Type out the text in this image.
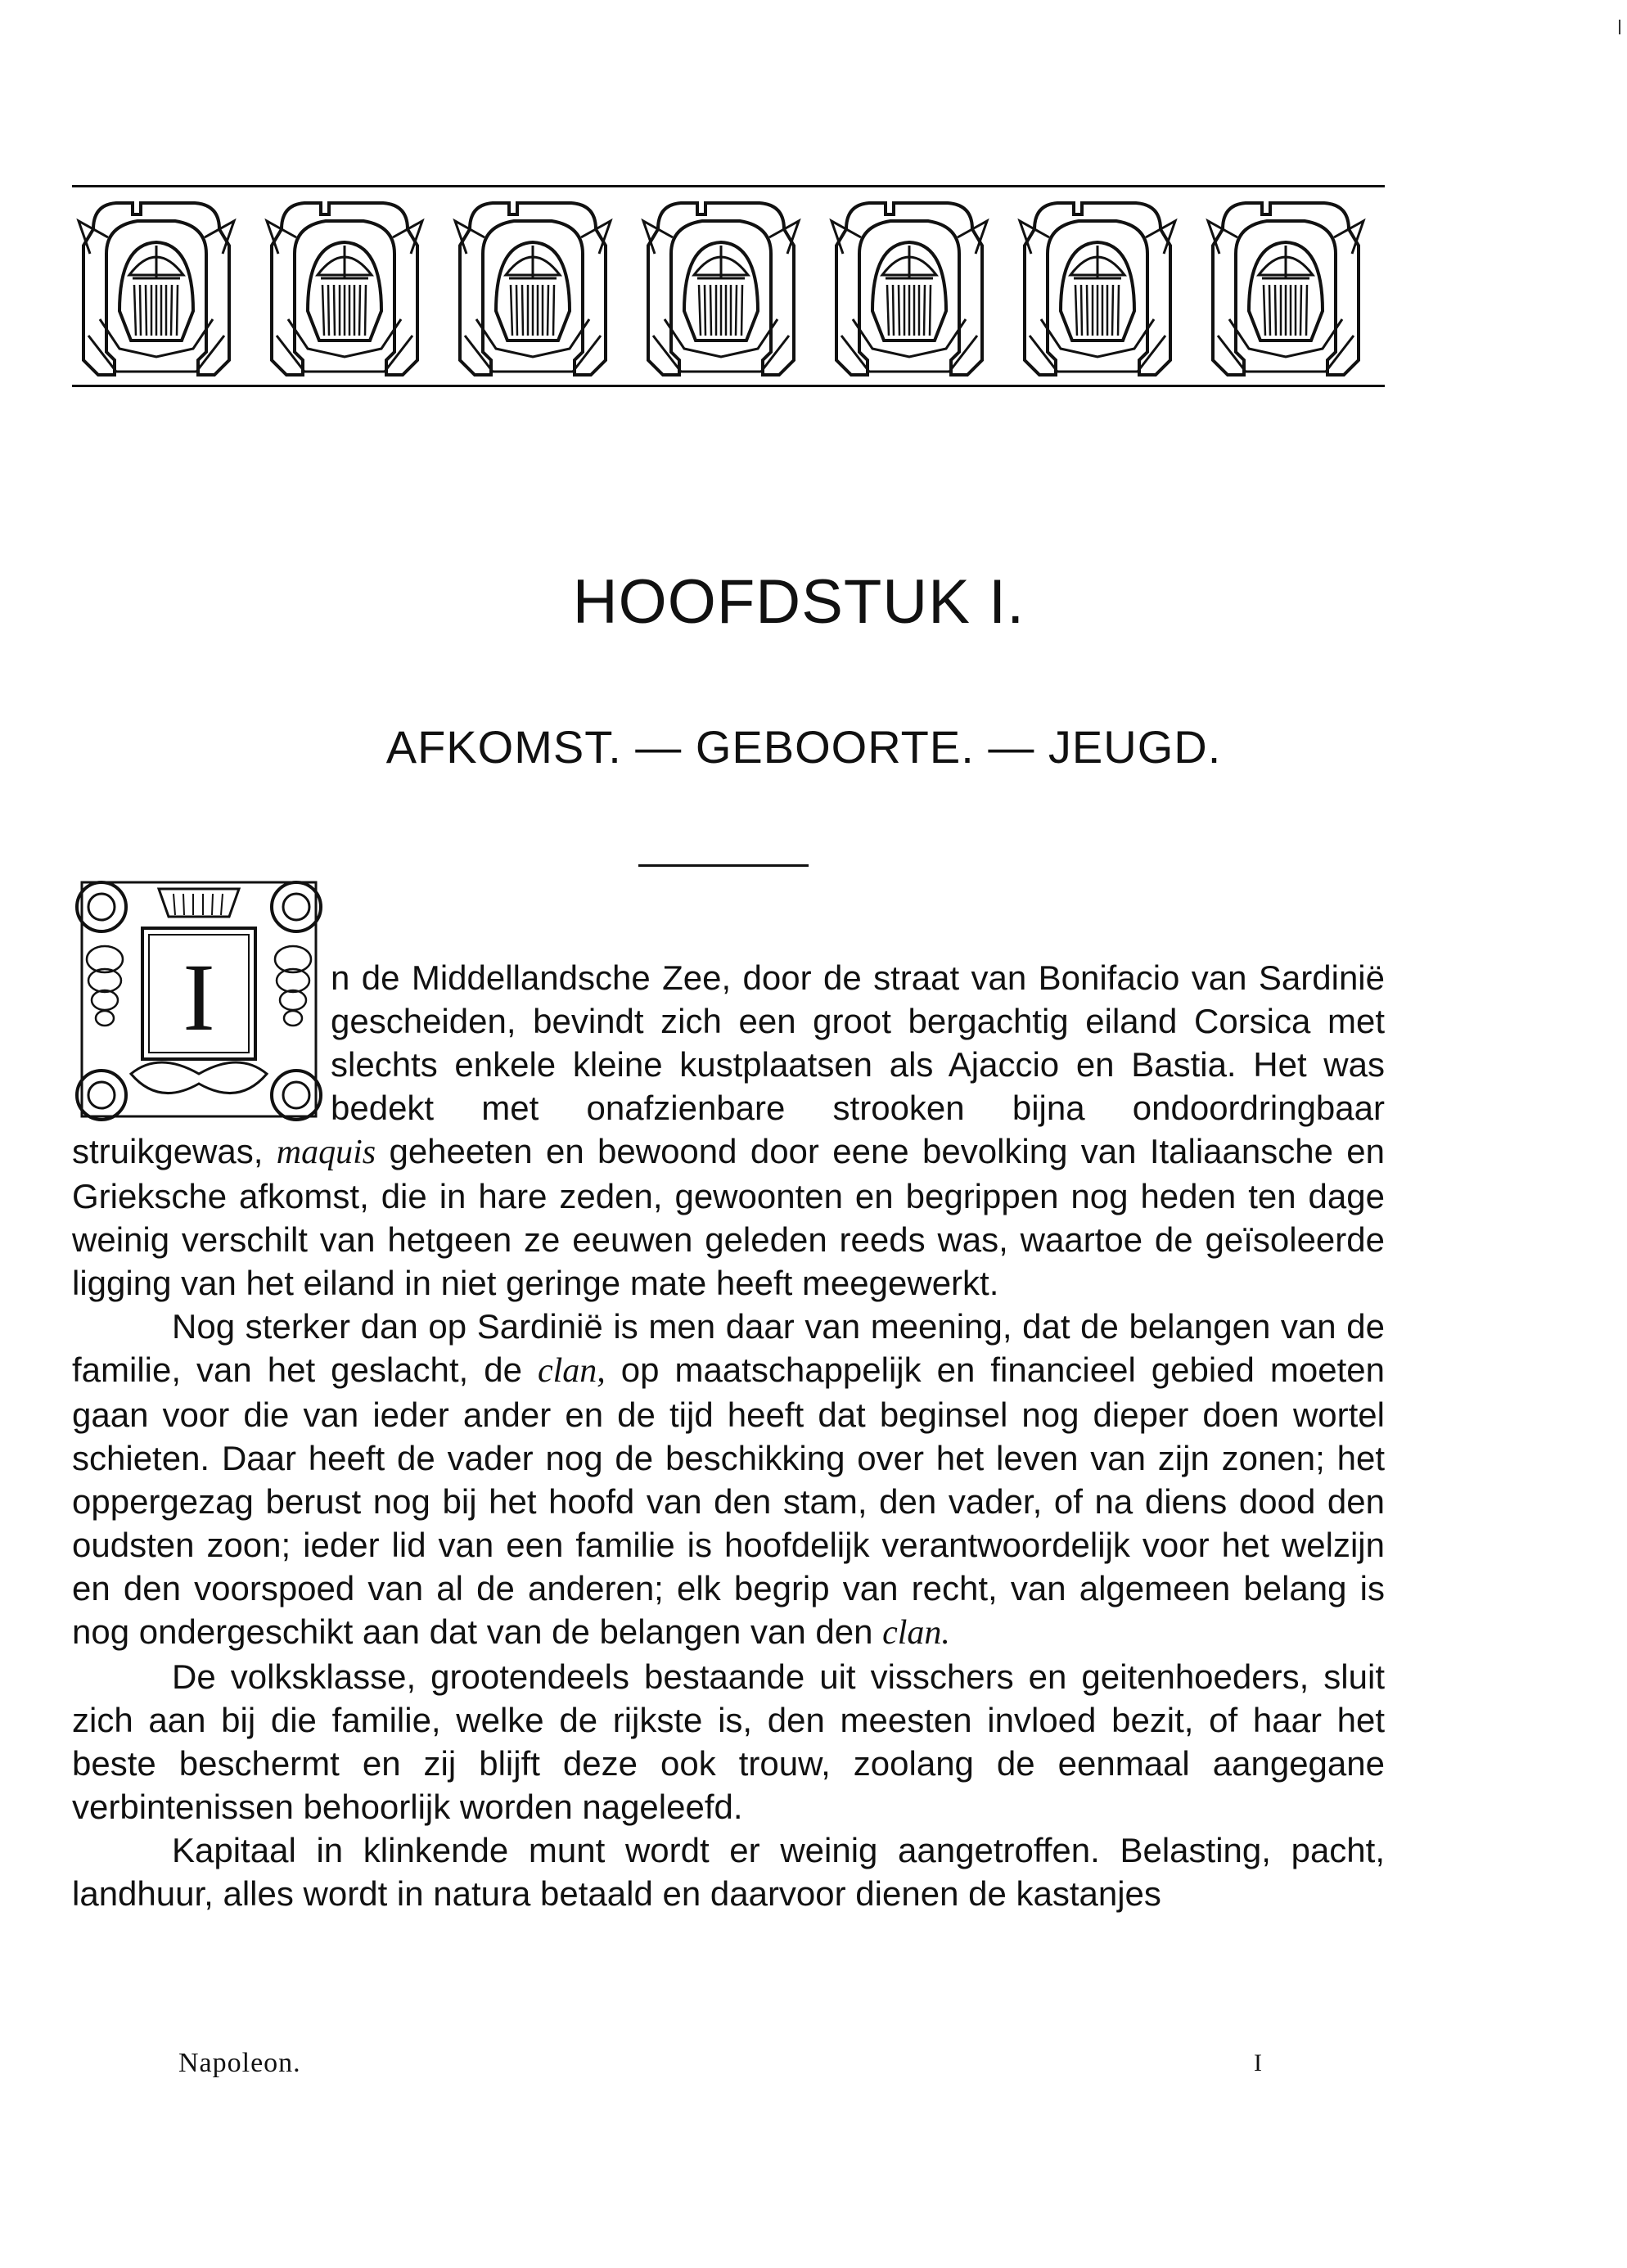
HOOFDSTUK I.
AFKOMST. — GEBOORTE. — JEUGD.
I	n de Middellandsche Zee, door de straat van Bonifacio van Sardinië gescheiden, bevindt zich een groot bergachtig eiland Corsica met slechts enkele kleine kustplaatsen als Ajaccio en Bastia. Het was bedekt met onafzienbare strooken bijna ondoordringbaar struikgewas, maquis geheeten en bewoond door eene bevolking van Italiaansche en Grieksche afkomst, die in hare zeden, gewoonten en begrippen nog heden ten dage weinig verschilt van hetgeen ze eeuwen geleden reeds was, waartoe de geïsoleerde ligging van het eiland in niet geringe mate heeft meegewerkt.

Nog sterker dan op Sardinië is men daar van meening, dat de belangen van de familie, van het geslacht, de clan, op maatschappelijk en financieel gebied moeten gaan voor die van ieder ander en de tijd heeft dat beginsel nog dieper doen wortel schieten. Daar heeft de vader nog de beschikking over het leven van zijn zonen; het oppergezag berust nog bij het hoofd van den stam, den vader, of na diens dood den oudsten zoon; ieder lid van een familie is hoofdelijk verantwoordelijk voor het welzijn en den voorspoed van al de anderen; elk begrip van recht, van algemeen belang is nog ondergeschikt aan dat van de belangen van den clan.

De volksklasse, grootendeels bestaande uit visschers en geitenhoeders, sluit zich aan bij die familie, welke de rijkste is, den meesten invloed bezit, of haar het beste beschermt en zij blijft deze ook trouw, zoolang de eenmaal aangegane verbintenissen behoorlijk worden nageleefd.

Kapitaal in klinkende munt wordt er weinig aangetroffen. Belasting, pacht, landhuur, alles wordt in natura betaald en daarvoor dienen de kastanjes

Napoleon.	I
